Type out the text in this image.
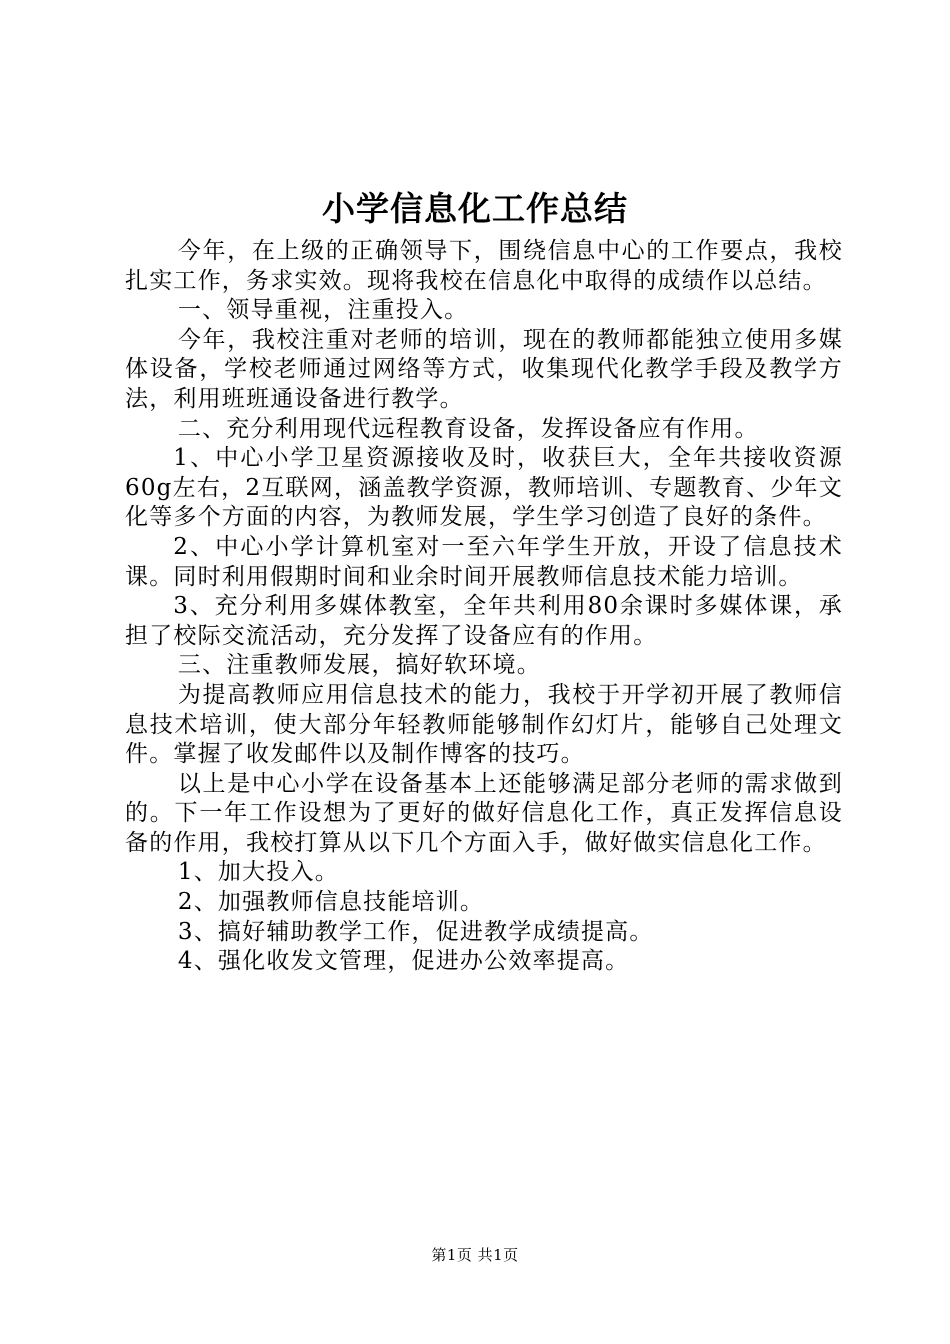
小学信息化工作总结

今年，在上级的正确领导下，围绕信息中心的工作要点，我校扎实工作，务求实效。现将我校在信息化中取得的成绩作以总结。

一、领导重视，注重投入。

今年，我校注重对老师的培训，现在的教师都能独立使用多媒体设备，学校老师通过网络等方式，收集现代化教学手段及教学方法，利用班班通设备进行教学。

二、充分利用现代远程教育设备，发挥设备应有作用。

1、中心小学卫星资源接收及时，收获巨大，全年共接收资源60g左右，2互联网，涵盖教学资源，教师培训、专题教育、少年文化等多个方面的内容，为教师发展，学生学习创造了良好的条件。

2、中心小学计算机室对一至六年学生开放，开设了信息技术课。同时利用假期时间和业余时间开展教师信息技术能力培训。

3、充分利用多媒体教室，全年共利用80余课时多媒体课，承担了校际交流活动，充分发挥了设备应有的作用。

三、注重教师发展，搞好软环境。

为提高教师应用信息技术的能力，我校于开学初开展了教师信息技术培训，使大部分年轻教师能够制作幻灯片，能够自己处理文件。掌握了收发邮件以及制作博客的技巧。

以上是中心小学在设备基本上还能够满足部分老师的需求做到的。下一年工作设想为了更好的做好信息化工作，真正发挥信息设备的作用，我校打算从以下几个方面入手，做好做实信息化工作。

1、加大投入。

2、加强教师信息技能培训。

3、搞好辅助教学工作，促进教学成绩提高。

4、强化收发文管理，促进办公效率提高。

第1页 共1页
